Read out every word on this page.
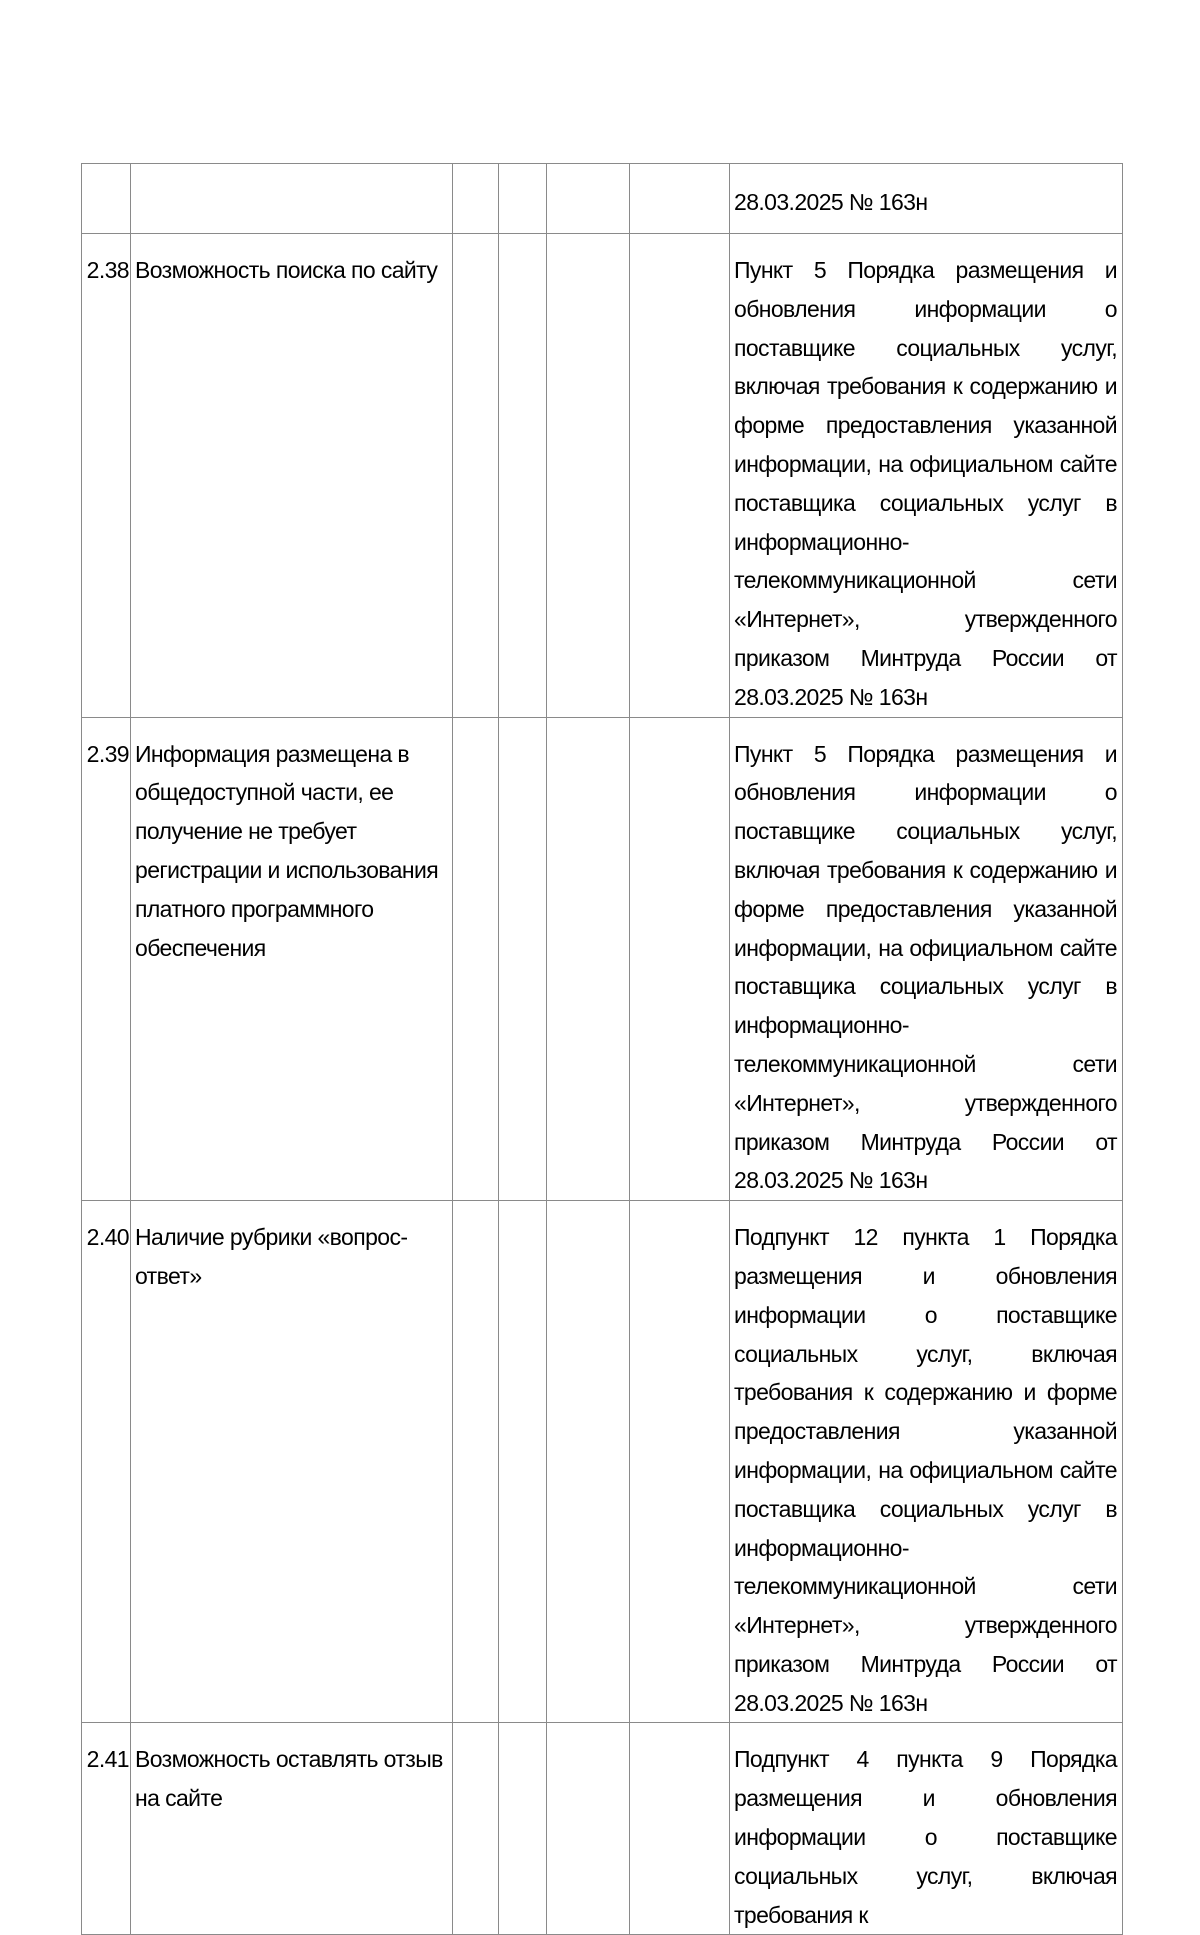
						28.03.2025 № 163н

2.38	Возможность поиска по сайту					Пункт 5 Порядка размещения и обновления информации о поставщике социальных услуг, включая требования к содержанию и форме предоставления указанной информации, на официальном сайте поставщика социальных услуг в информационно-телекоммуникационной сети «Интернет», утвержденного приказом Минтруда России от 28.03.2025 № 163н

2.39	Информация размещена в общедоступной части, ее получение не требует регистрации и использования платного программного обеспечения					Пункт 5 Порядка размещения и обновления информации о поставщике социальных услуг, включая требования к содержанию и форме предоставления указанной информации, на официальном сайте поставщика социальных услуг в информационно-телекоммуникационной сети «Интернет», утвержденного приказом Минтруда России от 28.03.2025 № 163н

2.40	Наличие рубрики «вопрос-ответ»					Подпункт 12 пункта 1 Порядка размещения и обновления информации о поставщике социальных услуг, включая требования к содержанию и форме предоставления указанной информации, на официальном сайте поставщика социальных услуг в информационно-телекоммуникационной сети «Интернет», утвержденного приказом Минтруда России от 28.03.2025 № 163н

2.41	Возможность оставлять отзыв на сайте					Подпункт 4 пункта 9 Порядка размещения и обновления информации о поставщике социальных услуг, включая требования к
